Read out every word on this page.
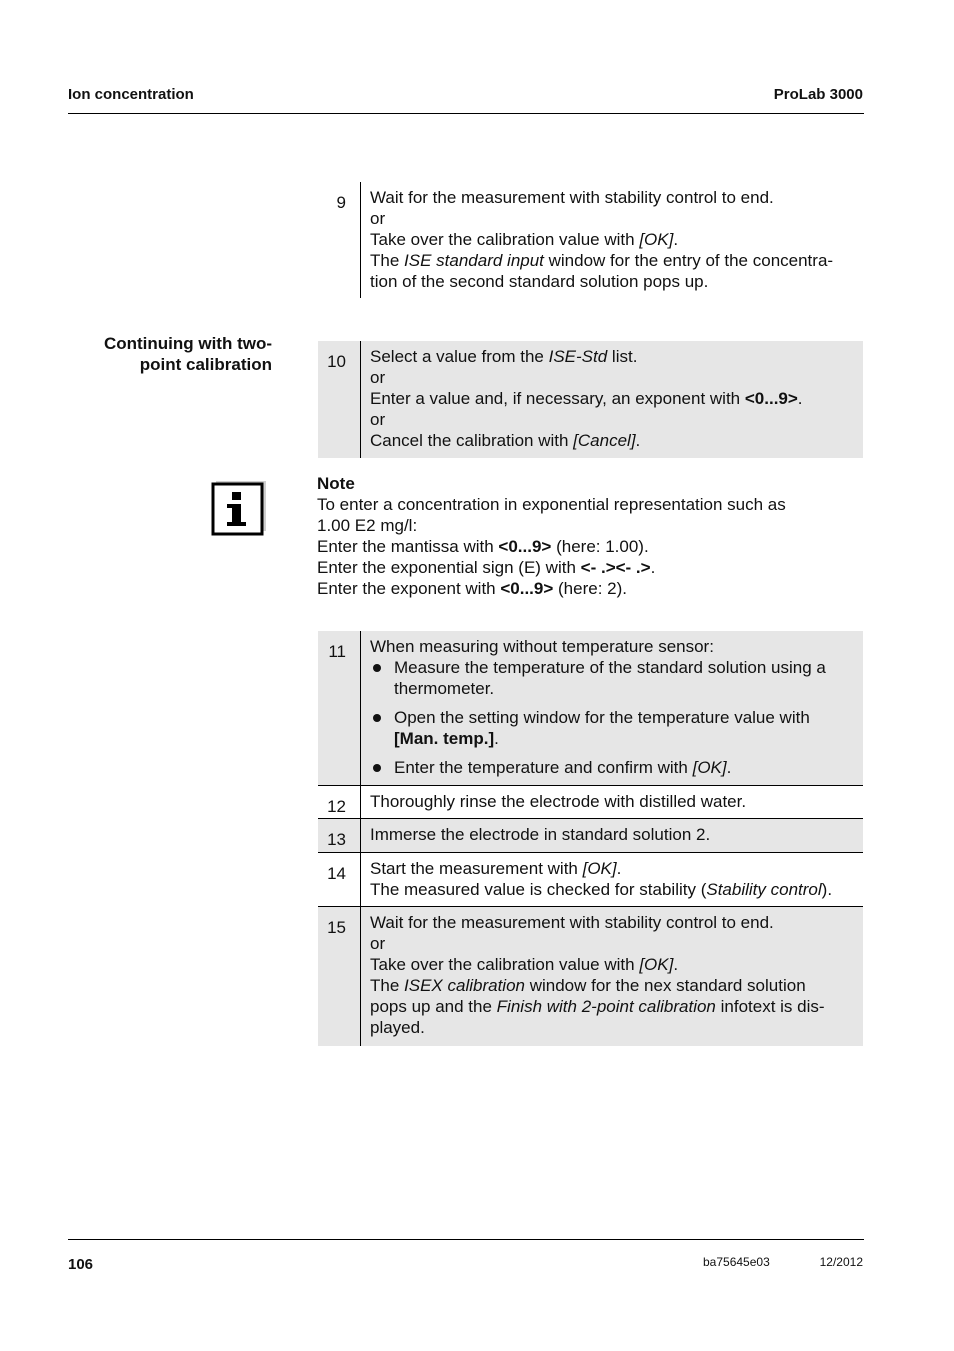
Ion concentration	ProLab 3000
9	Wait for the measurement with stability control to end.
or
Take over the calibration value with [OK].
The ISE standard input window for the entry of the concentra-
tion of the second standard solution pops up.
Continuing with two-
point calibration	10	Select a value from the ISE-Std list.
or
Enter a value and, if necessary, an exponent with <0...9>.
or
Cancel the calibration with [Cancel].
Note
To enter a concentration in exponential representation such as
1.00 E2 mg/l:
Enter the mantissa with <0...9> (here: 1.00).
Enter the exponential sign (E) with <- .><- .>.
Enter the exponent with <0...9> (here: 2).
11	When measuring without temperature sensor:
Measure the temperature of the standard solution using a
thermometer.
Open the setting window for the temperature value with
[Man. temp.].
Enter the temperature and confirm with [OK].
12	Thoroughly rinse the electrode with distilled water.
13	Immerse the electrode in standard solution 2.
14	Start the measurement with [OK].
The measured value is checked for stability (Stability control).
15	Wait for the measurement with stability control to end.
or
Take over the calibration value with [OK].
The ISEX calibration window for the nex standard solution
pops up and the Finish with 2-point calibration infotext is dis-
played.
106	ba75645e03	12/2012
